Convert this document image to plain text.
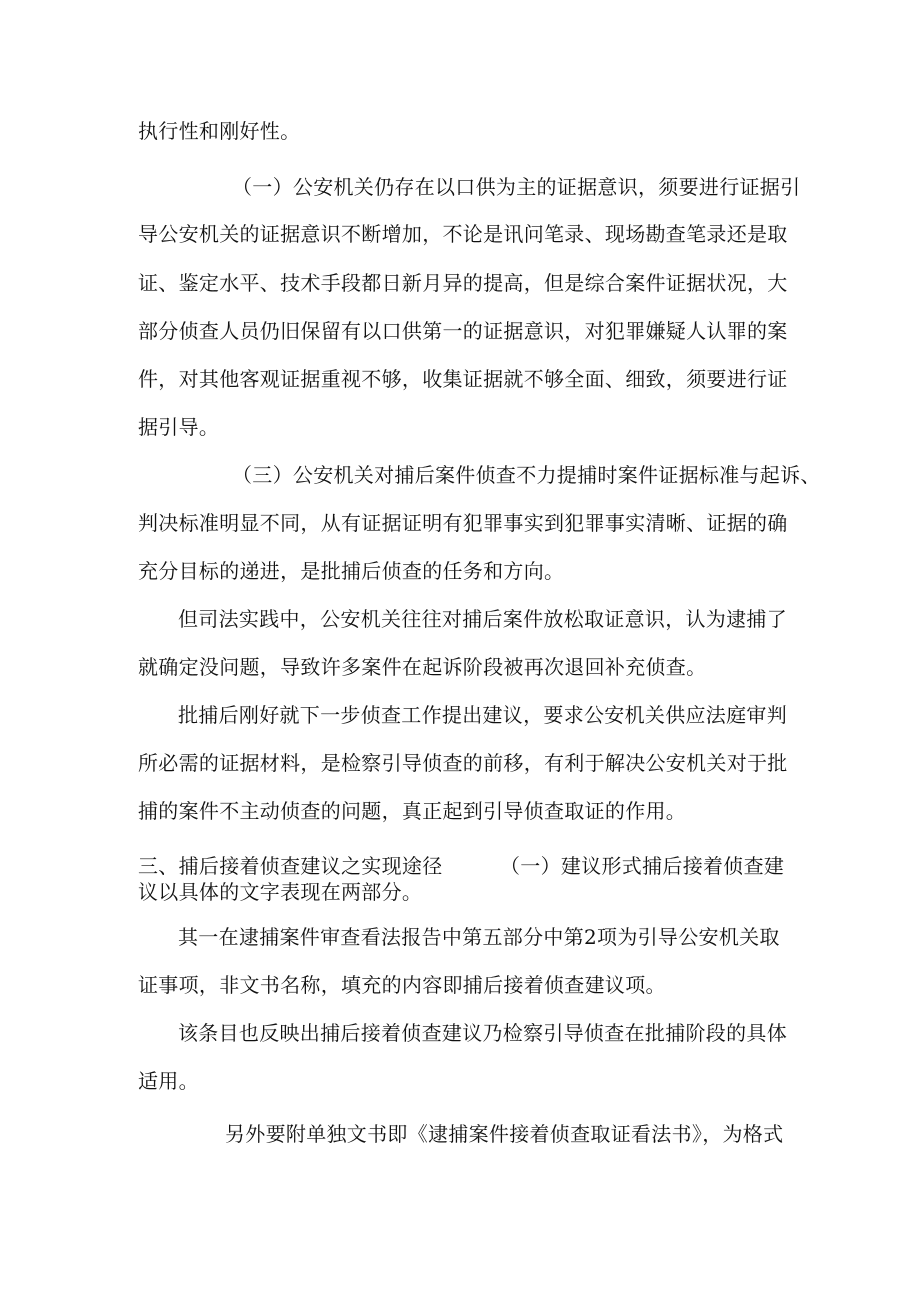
执行性和刚好性。
（一）公安机关仍存在以口供为主的证据意识，须要进行证据引
导公安机关的证据意识不断增加，不论是讯问笔录、现场勘查笔录还是取
证、鉴定水平、技术手段都日新月异的提高，但是综合案件证据状况，大
部分侦查人员仍旧保留有以口供第一的证据意识，对犯罪嫌疑人认罪的案
件，对其他客观证据重视不够，收集证据就不够全面、细致，须要进行证
据引导。
（三）公安机关对捕后案件侦查不力提捕时案件证据标准与起诉、
判决标准明显不同，从有证据证明有犯罪事实到犯罪事实清晰、证据的确
充分目标的递进，是批捕后侦查的任务和方向。
但司法实践中，公安机关往往对捕后案件放松取证意识，认为逮捕了
就确定没问题，导致许多案件在起诉阶段被再次退回补充侦查。
批捕后刚好就下一步侦查工作提出建议，要求公安机关供应法庭审判
所必需的证据材料，是检察引导侦查的前移，有利于解决公安机关对于批
捕的案件不主动侦查的问题，真正起到引导侦查取证的作用。
三、捕后接着侦查建议之实现途径	（一）建议形式捕后接着侦查建
议以具体的文字表现在两部分。
其一在逮捕案件审查看法报告中第五部分中第2项为引导公安机关取
证事项，非文书名称，填充的内容即捕后接着侦查建议项。
该条目也反映出捕后接着侦查建议乃检察引导侦查在批捕阶段的具体
适用。
另外要附单独文书即《逮捕案件接着侦查取证看法书》，为格式
